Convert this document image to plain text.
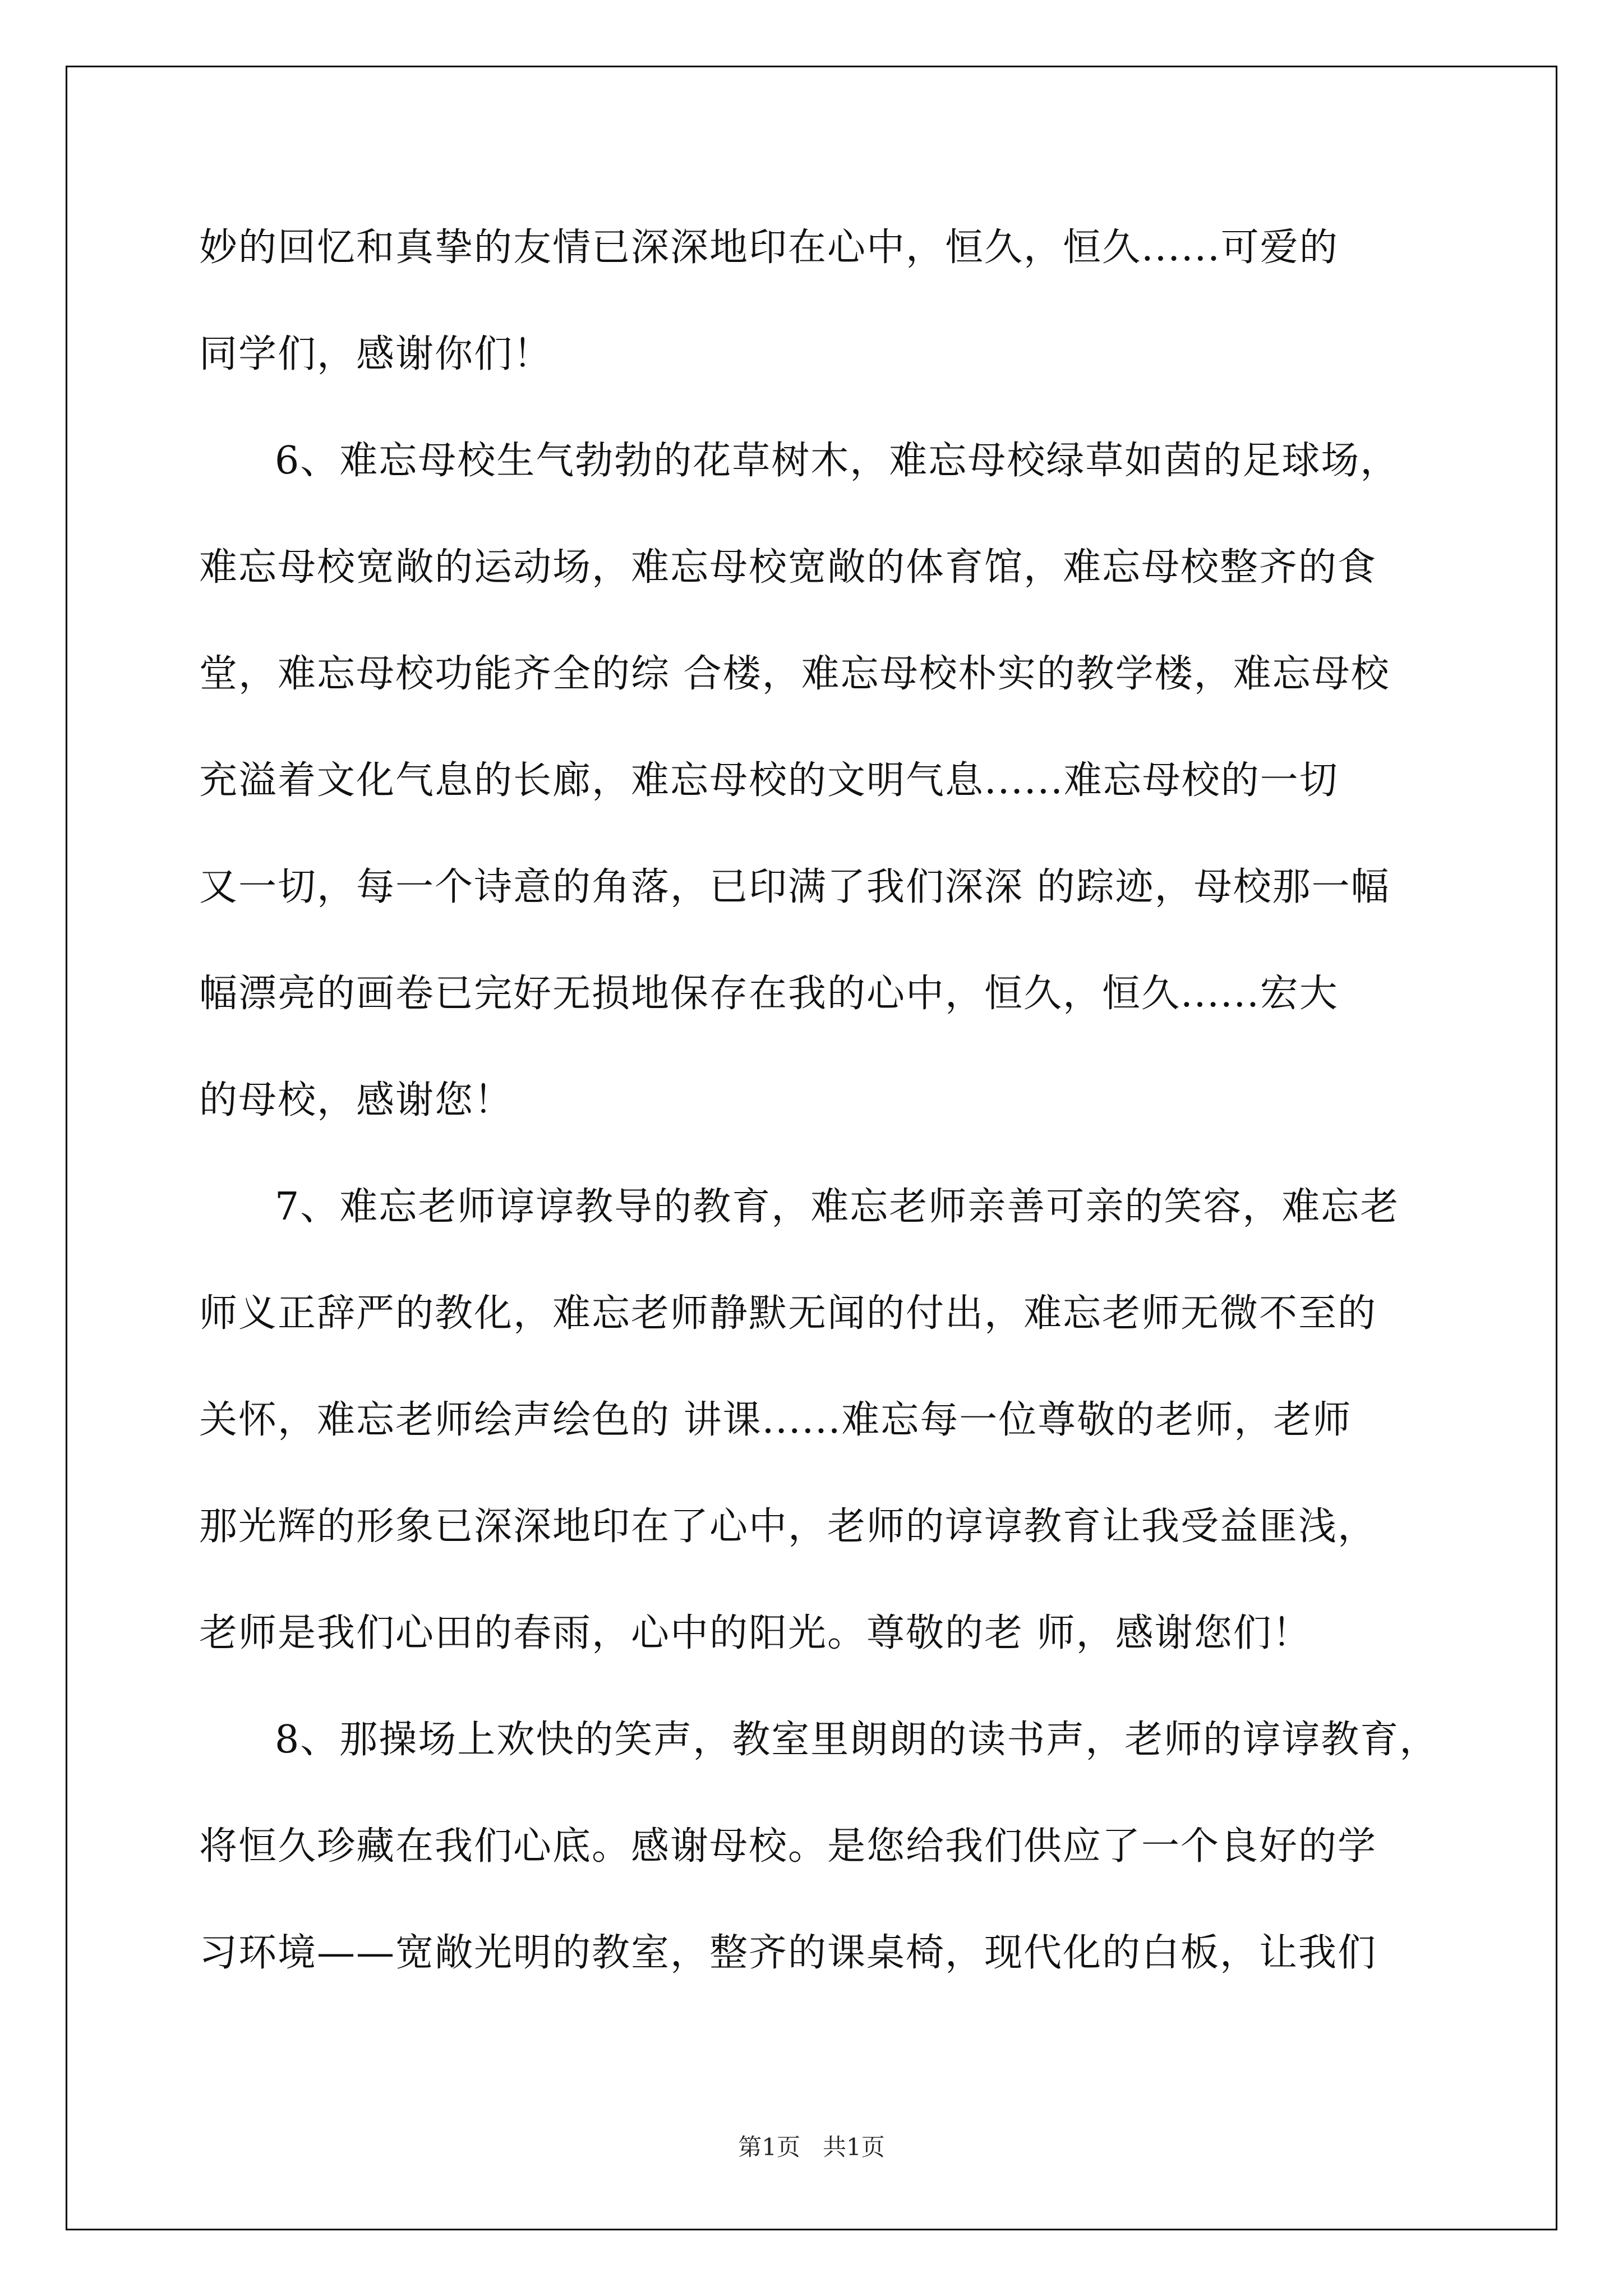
妙的回忆和真挚的友情已深深地印在心中，恒久，恒久......可爱的
同学们，感谢你们！
6、难忘母校生气勃勃的花草树木，难忘母校绿草如茵的足球场，
难忘母校宽敞的运动场，难忘母校宽敞的体育馆，难忘母校整齐的食
堂，难忘母校功能齐全的综 合楼，难忘母校朴实的教学楼，难忘母校
充溢着文化气息的长廊，难忘母校的文明气息......难忘母校的一切
又一切，每一个诗意的角落，已印满了我们深深 的踪迹，母校那一幅
幅漂亮的画卷已完好无损地保存在我的心中，恒久，恒久......宏大
的母校，感谢您！
7、难忘老师谆谆教导的教育，难忘老师亲善可亲的笑容，难忘老
师义正辞严的教化，难忘老师静默无闻的付出，难忘老师无微不至的
关怀，难忘老师绘声绘色的 讲课......难忘每一位尊敬的老师，老师
那光辉的形象已深深地印在了心中，老师的谆谆教育让我受益匪浅，
老师是我们心田的春雨，心中的阳光。尊敬的老 师，感谢您们！
8、那操场上欢快的笑声，教室里朗朗的读书声，老师的谆谆教育，
将恒久珍藏在我们心底。感谢母校。是您给我们供应了一个良好的学
习环境——宽敞光明的教室，整齐的课桌椅，现代化的白板，让我们
第1页   共1页
